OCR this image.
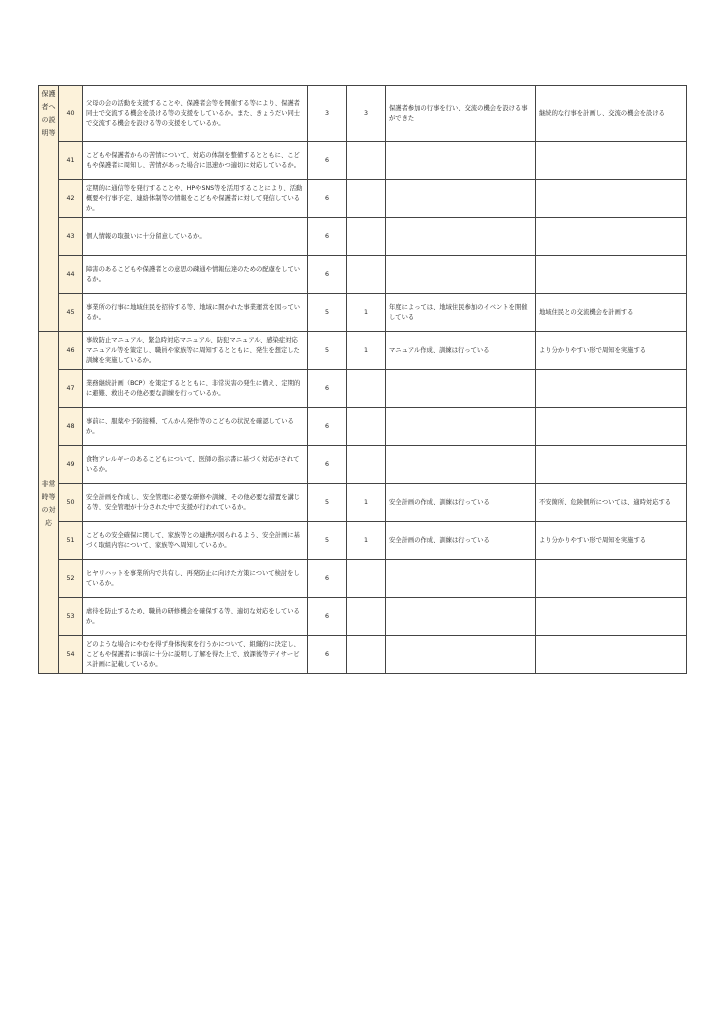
保護者への説明等	40	父母の会の活動を支援することや、保護者会等を開催する等により、保護者同士で交流する機会を設ける等の支援をしているか。また、きょうだい同士で交流する機会を設ける等の支援をしているか。	3	3	保護者参加の行事を行い、交流の機会を設ける事ができた	継続的な行事を計画し、交流の機会を設ける
	41	こどもや保護者からの苦情について、対応の体制を整備するとともに、こどもや保護者に周知し、苦情があった場合に迅速かつ適切に対応しているか。	6			
	42	定期的に通信等を発行することや、HPやSNS等を活用することにより、活動概要や行事予定、連絡体制等の情報をこどもや保護者に対して発信しているか。	6			
	43	個人情報の取扱いに十分留意しているか。	6			
	44	障害のあるこどもや保護者との意思の疎通や情報伝達のための配慮をしているか。	6			
	45	事業所の行事に地域住民を招待する等、地域に開かれた事業運営を図っているか。	5	1	年度によっては、地域住民参加のイベントを開催している	地域住民との交流機会を計画する

非常時等の対応	46	事故防止マニュアル、緊急時対応マニュアル、防犯マニュアル、感染症対応マニュアル等を策定し、職員や家族等に周知するとともに、発生を想定した訓練を実施しているか。	5	1	マニュアル作成、訓練は行っている	より分かりやすい形で周知を実施する
	47	業務継続計画（BCP）を策定するとともに、非常災害の発生に備え、定期的に避難、救出その他必要な訓練を行っているか。	6			
	48	事前に、服薬や予防接種、てんかん発作等のこどもの状況を確認しているか。	6			
	49	食物アレルギーのあるこどもについて、医師の指示書に基づく対応がされているか。	6			
	50	安全計画を作成し、安全管理に必要な研修や訓練、その他必要な措置を講じる等、安全管理が十分された中で支援が行われているか。	5	1	安全計画の作成、訓練は行っている	不安箇所、危険個所については、適時対応する
	51	こどもの安全確保に関して、家族等との連携が図られるよう、安全計画に基づく取組内容について、家族等へ周知しているか。	5	1	安全計画の作成、訓練は行っている	より分かりやすい形で周知を実施する
	52	ヒヤリハットを事業所内で共有し、再発防止に向けた方策について検討をしているか。	6			
	53	虐待を防止するため、職員の研修機会を確保する等、適切な対応をしているか。	6			
	54	どのような場合にやむを得ず身体拘束を行うかについて、組織的に決定し、こどもや保護者に事前に十分に説明し了解を得た上で、放課後等デイサービス計画に記載しているか。	6			
